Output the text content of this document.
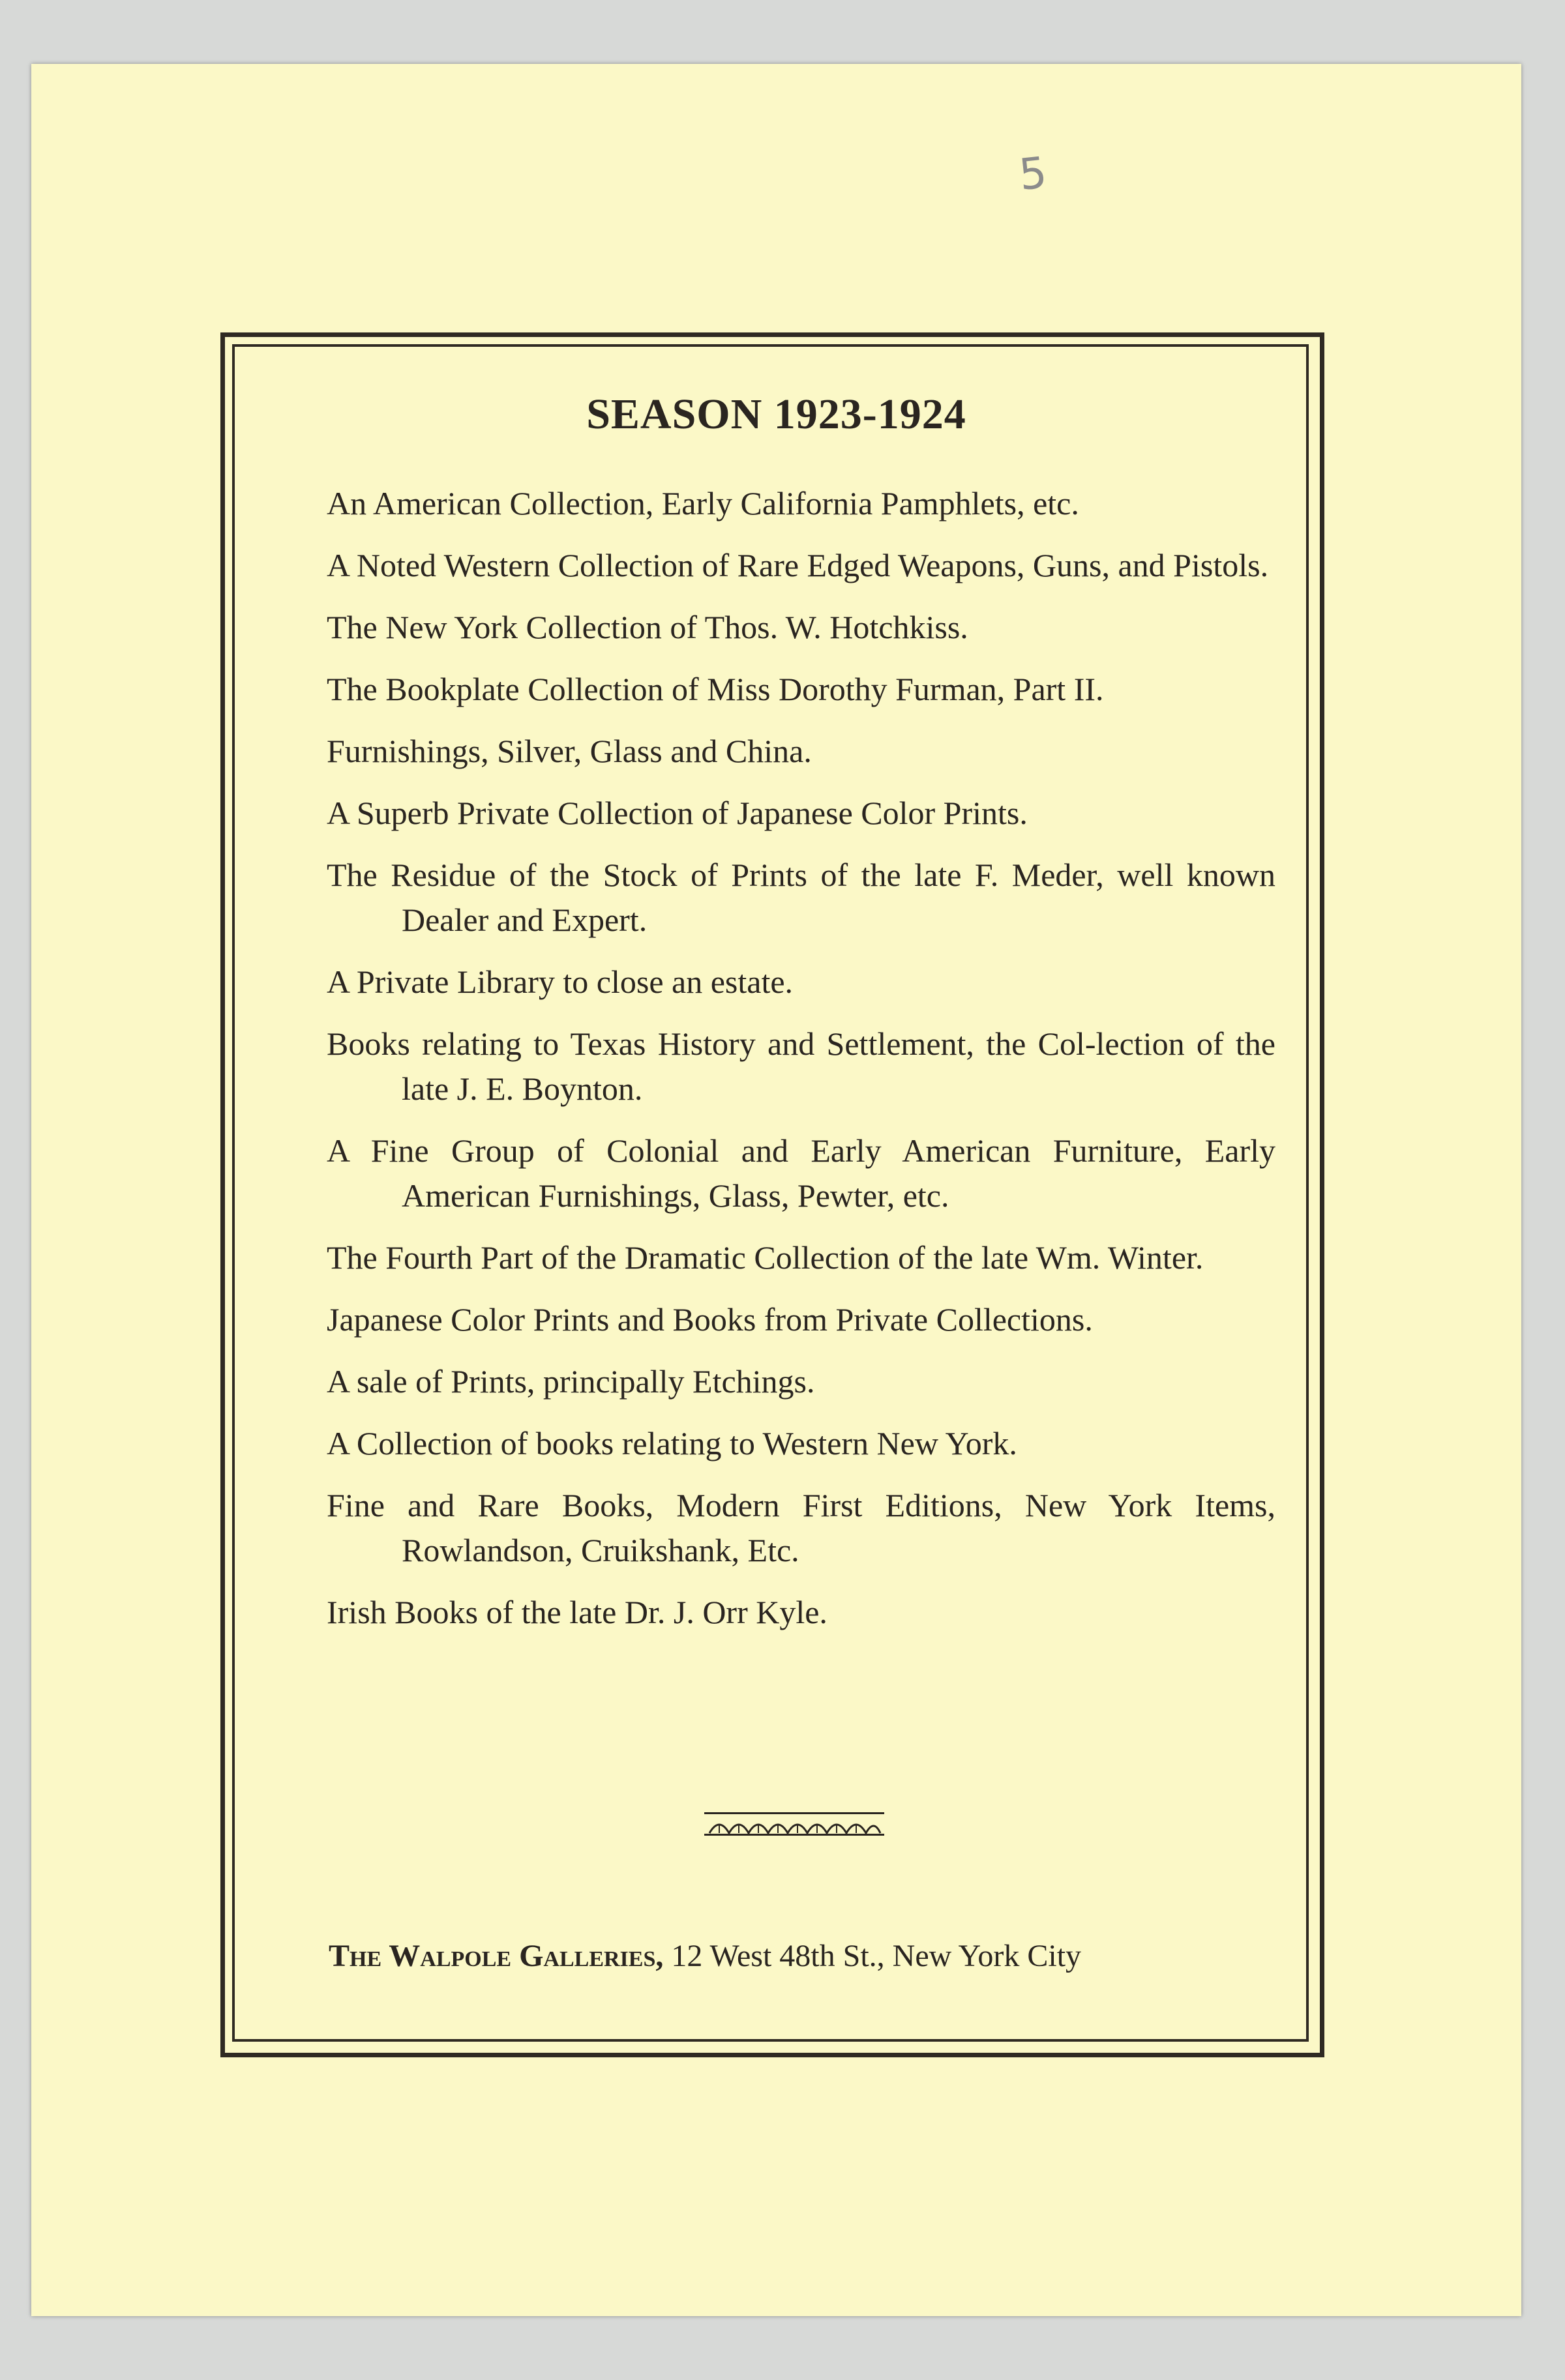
5
SEASON 1923-1924
An American Collection, Early California Pamphlets, etc.
A Noted Western Collection of Rare Edged Weapons, Guns, and Pistols.
The New York Collection of Thos. W. Hotchkiss.
The Bookplate Collection of Miss Dorothy Furman, Part II.
Furnishings, Silver, Glass and China.
A Superb Private Collection of Japanese Color Prints.
The Residue of the Stock of Prints of the late F. Meder, well known Dealer and Expert.
A Private Library to close an estate.
Books relating to Texas History and Settlement, the Col-lection of the late J. E. Boynton.
A Fine Group of Colonial and Early American Furniture, Early American Furnishings, Glass, Pewter, etc.
The Fourth Part of the Dramatic Collection of the late Wm. Winter.
Japanese Color Prints and Books from Private Collections.
A sale of Prints, principally Etchings.
A Collection of books relating to Western New York.
Fine and Rare Books, Modern First Editions, New York Items, Rowlandson, Cruikshank, Etc.
Irish Books of the late Dr. J. Orr Kyle.
The Walpole Galleries, 12 West 48th St., New York City
